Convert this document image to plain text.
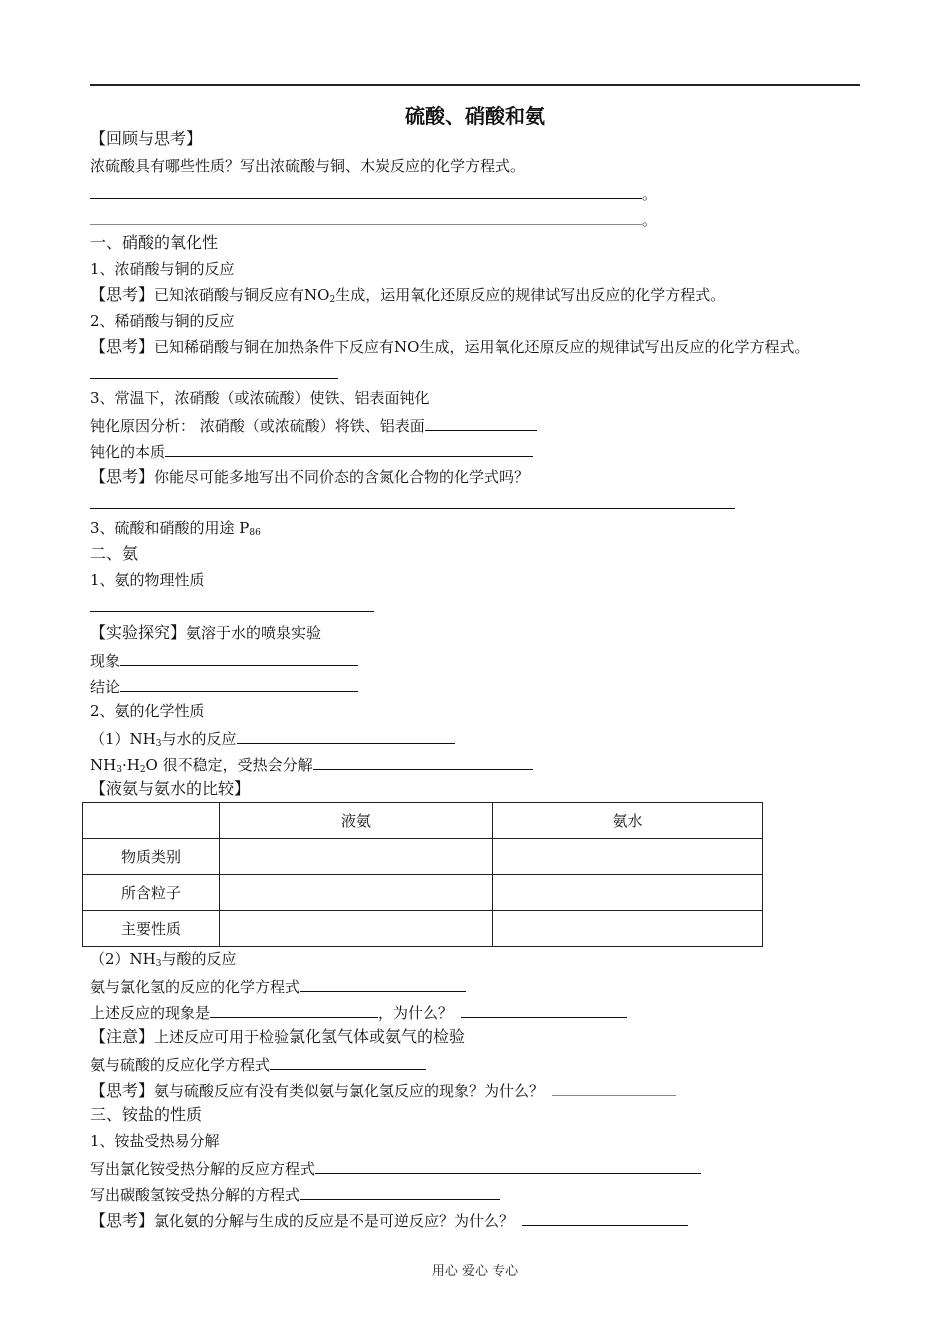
硫酸、硝酸和氨
【回顾与思考】
浓硫酸具有哪些性质？写出浓硫酸与铜、木炭反应的化学方程式。
。
。
一、硝酸的氧化性
1、浓硝酸与铜的反应
【思考】已知浓硝酸与铜反应有$NO_2$生成，运用氧化还原反应的规律试写出反应的化学方程式。
2、稀硝酸与铜的反应
【思考】已知稀硝酸与铜在加热条件下反应有NO生成，运用氧化还原反应的规律试写出反应的化学方程式。
3、常温下，浓硝酸（或浓硫酸）使铁、铝表面钝化
钝化原因分析： 浓硝酸（或浓硫酸）将铁、铝表面
钝化的本质
【思考】你能尽可能多地写出不同价态的含氮化合物的化学式吗？
3、硫酸和硝酸的用途 $P_{86}$
二、氨
1、氨的物理性质
【实验探究】氨溶于水的喷泉实验
现象
结论
2、氨的化学性质
$(1)NH_3$与水的反应
$NH_3\cdot H_2O$ 很不稳定，受热会分解
【液氨与氨水的比较】
	液氨	氨水
物质类别		
所含粒子		
主要性质		
$(2)NH_3$与酸的反应
氨与氯化氢的反应的化学方程式
上述反应的现象是	，为什么？
【注意】上述反应可用于检验氯化氢气体或氨气的检验
氨与硫酸的反应化学方程式
【思考】氨与硫酸反应有没有类似氨与氯化氢反应的现象？为什么？
三、铵盐的性质
1、铵盐受热易分解
写出氯化铵受热分解的反应方程式
写出碳酸氢铵受热分解的方程式
【思考】氯化氨的分解与生成的反应是不是可逆反应？为什么？
用心 爱心 专心
